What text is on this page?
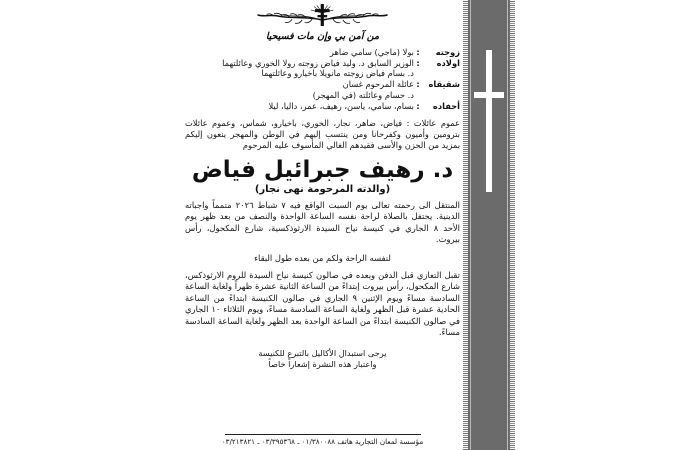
من آمن بي وإن مات فسيحيا
زوجته
:
بولا (ماجي) سامي ضاهر
اولاده
:
الوزير السابق د. وليد فياض زوجته رولا الخوري وعائلتهما
د. بسام فياض زوجته مانويلا باخيارو وعائلتهما
شقيقاه
:
عائلة المرحوم غسان
د. حسام وعائلته (في المهجر)
أحفاده
:
بسام، سامي، ياسن، رهيف، عمر، داليا، ليلا
عموم عائلات : فياض، ضاهر، نجار، الخوري، باخيارو، شماس، وعموم عائلات بترومين وأميون وكفرحانا ومن ينتسب إليهم في الوطن والمهجر ينعون إليكم بمزيد من الحزن والأسى فقيدهم الغالي المأسوف عليه المرحوم
د. رهيف جبرائيل فياض
(والدته المرحومة نهى نجار)
المنتقل الى رحمته تعالى يوم السبت الواقع فيه ٧ شباط ٢٠٢٦ متمماً واجباته الدينية. يحتفل بالصلاة لراحة نفسه الساعة الواحدة والنصف من بعد ظهر يوم الأحد ٨ الجاري في كنيسة نياح السيدة الارثوذكسية، شارع المكحول، رأس بيروت.
لنفسه الراحة ولكم من بعده طول البقاء
تقبل التعازي قبل الدفن وبعده في صالون كنيسة نياح السيدة للروم الارثوذكس، شارع المكحول، رأس بيروت إبتداءً من الساعة الثانية عشرة ظهراً ولغاية الساعة السادسة مساءً ويوم الإثنين ٩ الجاري في صالون الكنيسة ابتداءً من الساعة الحادية عشرة قبل الظهر ولغاية الساعة السادسة مساءً، ويوم الثلاثاء ١٠ الجاري في صالون الكنيسة ابتداءً من الساعة الواحدة بعد الظهر ولغاية الساعة السادسة مساءً.
يرجى استبدال الأكاليل بالتبرع للكنيسة
واعتبار هذه النشرة إشعاراً خاصاً
مؤسسة لمعان التجارية هاتف ٠١/٣٨٠٠٨٨ ـ ٠٣/٣٩٥٣٦٨ ـ ٠٣/٢١٣٨٢١
